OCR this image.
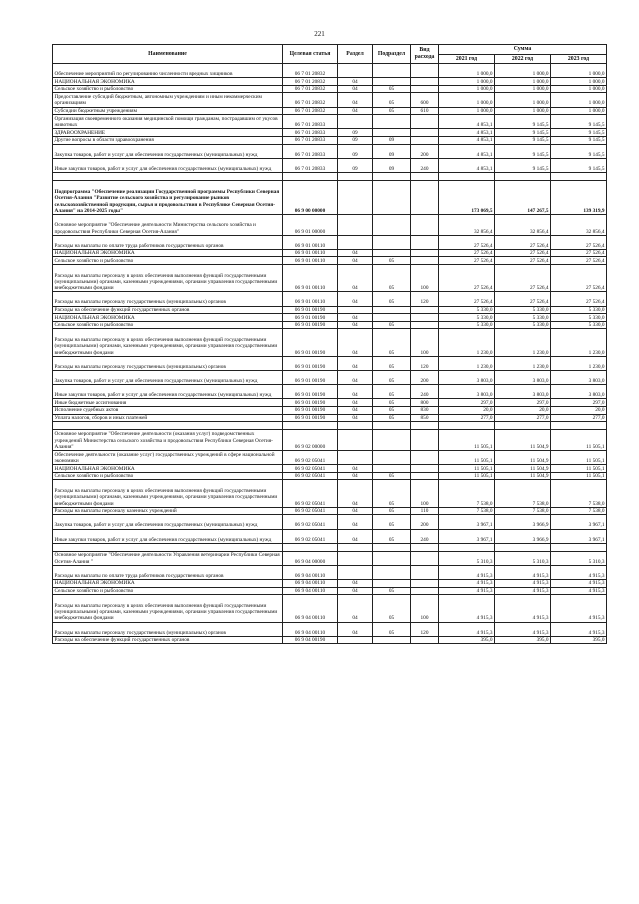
221
Наименование	Целевая статья	Раздел	Подраздел	Вид расхода	Сумма		
					2021 год	2022 год	2023 год
Обеспечение мероприятий по регулированию численности вредных хищников	06 7 01 20832				1 000,0	1 000,0	1 000,0
НАЦИОНАЛЬНАЯ ЭКОНОМИКА	06 7 01 20832	04			1 000,0	1 000,0	1 000,0
Сельское хозяйство и рыболовство	06 7 01 20832	04	05		1 000,0	1 000,0	1 000,0
Предоставление субсидий бюджетным, автономным учреждениям и иным некоммерческим организациям	06 7 01 20832	04	05	600	1 000,0	1 000,0	1 000,0
Субсидии бюджетным учреждениям	06 7 01 20832	04	05	610	1 000,0	1 000,0	1 000,0
Организация своевременного оказания медицинской помощи гражданам, пострадавшим от укусов животных	06 7 01 20833				4 853,1	9 145,5	9 145,5
ЗДРАВООХРАНЕНИЕ	06 7 01 20833	09			4 853,1	9 145,5	9 145,5
Другие вопросы в области здравоохранения	06 7 01 20833	09	09		4 853,1	9 145,5	9 145,5
Закупка товаров, работ и услуг для обеспечения государственных (муниципальных) нужд	06 7 01 20833	09	09	200	4 853,1	9 145,5	9 145,5
Иные закупки товаров, работ и услуг для обеспечения государственных (муниципальных) нужд	06 7 01 20833	09	09	240	4 853,1	9 145,5	9 145,5

Подпрограмма "Обеспечение реализации Государственной программы Республики Северная Осетия-Алания "Развитие сельского хозяйства и регулирование рынков сельскохозяйственной продукции, сырья и продовольствия в Республике Северная Осетия-Алания" на 2014-2025 годы"	06 9 00 00000				173 069,5	147 267,5	139 319,9
Основное мероприятие "Обеспечение деятельности Министерства сельского хозяйства и продовольствия Республики Северная Осетия-Алания"	06 9 01 00000				32 856,4	32 856,4	32 856,4
Расходы на выплаты по оплате труда работников государственных органов	06 9 01 00110				27 526,4	27 526,4	27 526,4
НАЦИОНАЛЬНАЯ ЭКОНОМИКА	06 9 01 00110	04			27 526,4	27 526,4	27 526,4
Сельское хозяйство и рыболовство	06 9 01 00110	04	05		27 526,4	27 526,4	27 526,4
Расходы на выплаты персоналу в целях обеспечения выполнения функций государственными (муниципальными) органами, казенными учреждениями, органами управления государственными внебюджетными фондами	06 9 01 00110	04	05	100	27 526,4	27 526,4	27 526,4
Расходы на выплаты персоналу государственных (муниципальных) органов	06 9 01 00110	04	05	120	27 526,4	27 526,4	27 526,4
Расходы на обеспечение функций государственных органов	06 9 01 00190				5 330,0	5 330,0	5 330,0
НАЦИОНАЛЬНАЯ ЭКОНОМИКА	06 9 01 00190	04			5 330,0	5 330,0	5 330,0
Сельское хозяйство и рыболовство	06 9 01 00190	04	05		5 330,0	5 330,0	5 330,0
Расходы на выплаты персоналу в целях обеспечения выполнения функций государственными (муниципальными) органами, казенными учреждениями, органами управления государственными внебюджетными фондами	06 9 01 00190	04	05	100	1 230,0	1 230,0	1 230,0
Расходы на выплаты персоналу государственных (муниципальных) органов	06 9 01 00190	04	05	120	1 230,0	1 230,0	1 230,0
Закупка товаров, работ и услуг для обеспечения государственных (муниципальных) нужд	06 9 01 00190	04	05	200	3 803,0	3 803,0	3 803,0
Иные закупки товаров, работ и услуг для обеспечения государственных (муниципальных) нужд	06 9 01 00190	04	05	240	3 803,0	3 803,0	3 803,0
Иные бюджетные ассигнования	06 9 01 00190	04	05	800	297,0	297,0	297,0
Исполнение судебных актов	06 9 01 00190	04	05	830	20,0	20,0	20,0
Уплата налогов, сборов и иных платежей	06 9 01 00190	04	05	850	277,0	277,0	277,0

Основное мероприятие "Обеспечение деятельности (оказания услуг) подведомственных учреждений Министерства сельского хозяйства и продовольствия Республики Северная Осетия-Алания"	06 9 02 00000				11 505,1	11 504,9	11 505,1
Обеспечение деятельности (оказание услуг) государственных учреждений в сфере национальной экономики	06 9 02 05041				11 505,1	11 504,9	11 505,1
НАЦИОНАЛЬНАЯ ЭКОНОМИКА	06 9 02 05041	04			11 505,1	11 504,9	11 505,1
Сельское хозяйство и рыболовство	06 9 02 05041	04	05		11 505,1	11 504,9	11 505,1
Расходы на выплаты персоналу в целях обеспечения выполнения функций государственными (муниципальными) органами, казенными учреждениями, органами управления государственными внебюджетными фондами	06 9 02 05041	04	05	100	7 538,0	7 538,0	7 538,0
Расходы на выплаты персоналу казенных учреждений	06 9 02 05041	04	05	110	7 538,0	7 538,0	7 538,0
Закупка товаров, работ и услуг для обеспечения государственных (муниципальных) нужд	06 9 02 05041	04	05	200	3 967,1	3 966,9	3 967,1
Иные закупки товаров, работ и услуг для обеспечения государственных (муниципальных) нужд	06 9 02 05041	04	05	240	3 967,1	3 966,9	3 967,1

Основное мероприятие "Обеспечение деятельности Управления ветеринарии Республики Северная Осетия-Алания "	06 9 04 00000				5 310,3	5 310,3	5 310,3
Расходы на выплаты по оплате труда работников государственных органов	06 9 04 00110				4 915,3	4 915,3	4 915,3
НАЦИОНАЛЬНАЯ ЭКОНОМИКА	06 9 04 00110	04			4 915,3	4 915,3	4 915,3
Сельское хозяйство и рыболовство	06 9 04 00110	04	05		4 915,3	4 915,3	4 915,3
Расходы на выплаты персоналу в целях обеспечения выполнения функций государственными (муниципальными) органами, казенными учреждениями, органами управления государственными внебюджетными фондами	06 9 04 00110	04	05	100	4 915,3	4 915,3	4 915,3
Расходы на выплаты персоналу государственных (муниципальных) органов	06 9 04 00110	04	05	120	4 915,3	4 915,3	4 915,3
Расходы на обеспечение функций государственных органов	06 9 04 00190				395,0	395,0	395,0
